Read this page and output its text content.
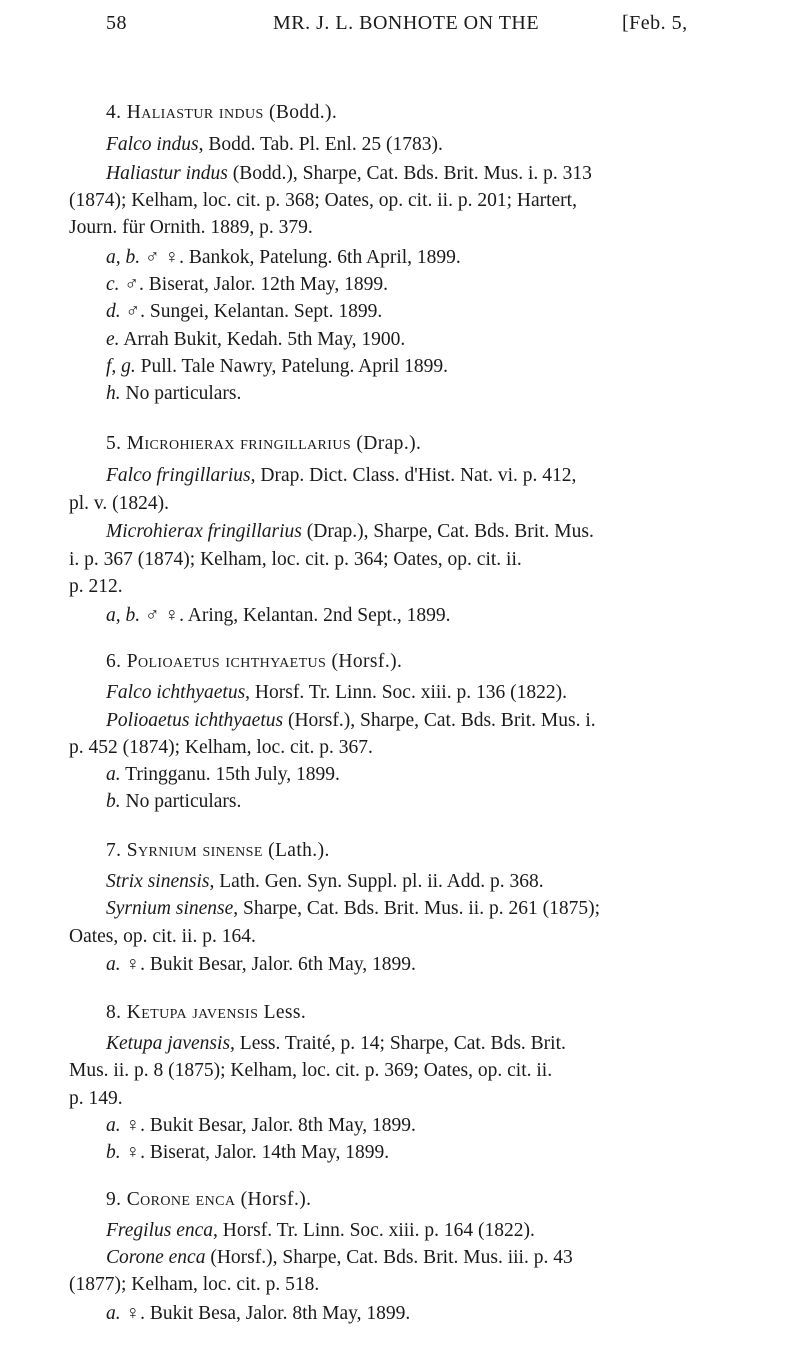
58	MR. J. L. BONHOTE ON THE	[Feb. 5,
4. Haliastur indus (Bodd.).
Falco indus, Bodd. Tab. Pl. Enl. 25 (1783).
Haliastur indus (Bodd.), Sharpe, Cat. Bds. Brit. Mus. i. p. 313
(1874); Kelham, loc. cit. p. 368; Oates, op. cit. ii. p. 201; Hartert,
Journ. für Ornith. 1889, p. 379.
a, b. ♂ ♀. Bankok, Patelung. 6th April, 1899.
c. ♂. Biserat, Jalor. 12th May, 1899.
d. ♂. Sungei, Kelantan. Sept. 1899.
e. Arrah Bukit, Kedah. 5th May, 1900.
f, g. Pull. Tale Nawry, Patelung. April 1899.
h. No particulars.
5. Microhierax fringillarius (Drap.).
Falco fringillarius, Drap. Dict. Class. d'Hist. Nat. vi. p. 412,
pl. v. (1824).
Microhierax fringillarius (Drap.), Sharpe, Cat. Bds. Brit. Mus.
i. p. 367 (1874); Kelham, loc. cit. p. 364; Oates, op. cit. ii.
p. 212.
a, b. ♂ ♀. Aring, Kelantan. 2nd Sept., 1899.
6. Polioaetus ichthyaetus (Horsf.).
Falco ichthyaetus, Horsf. Tr. Linn. Soc. xiii. p. 136 (1822).
Polioaetus ichthyaetus (Horsf.), Sharpe, Cat. Bds. Brit. Mus. i.
p. 452 (1874); Kelham, loc. cit. p. 367.
a. Tringganu. 15th July, 1899.
b. No particulars.
7. Syrnium sinense (Lath.).
Strix sinensis, Lath. Gen. Syn. Suppl. pl. ii. Add. p. 368.
Syrnium sinense, Sharpe, Cat. Bds. Brit. Mus. ii. p. 261 (1875);
Oates, op. cit. ii. p. 164.
a. ♀. Bukit Besar, Jalor. 6th May, 1899.
8. Ketupa javensis Less.
Ketupa javensis, Less. Traité, p. 14; Sharpe, Cat. Bds. Brit.
Mus. ii. p. 8 (1875); Kelham, loc. cit. p. 369; Oates, op. cit. ii.
p. 149.
a. ♀. Bukit Besar, Jalor. 8th May, 1899.
b. ♀. Biserat, Jalor. 14th May, 1899.
9. Corone enca (Horsf.).
Fregilus enca, Horsf. Tr. Linn. Soc. xiii. p. 164 (1822).
Corone enca (Horsf.), Sharpe, Cat. Bds. Brit. Mus. iii. p. 43
(1877); Kelham, loc. cit. p. 518.
a. ♀. Bukit Besa, Jalor. 8th May, 1899.
